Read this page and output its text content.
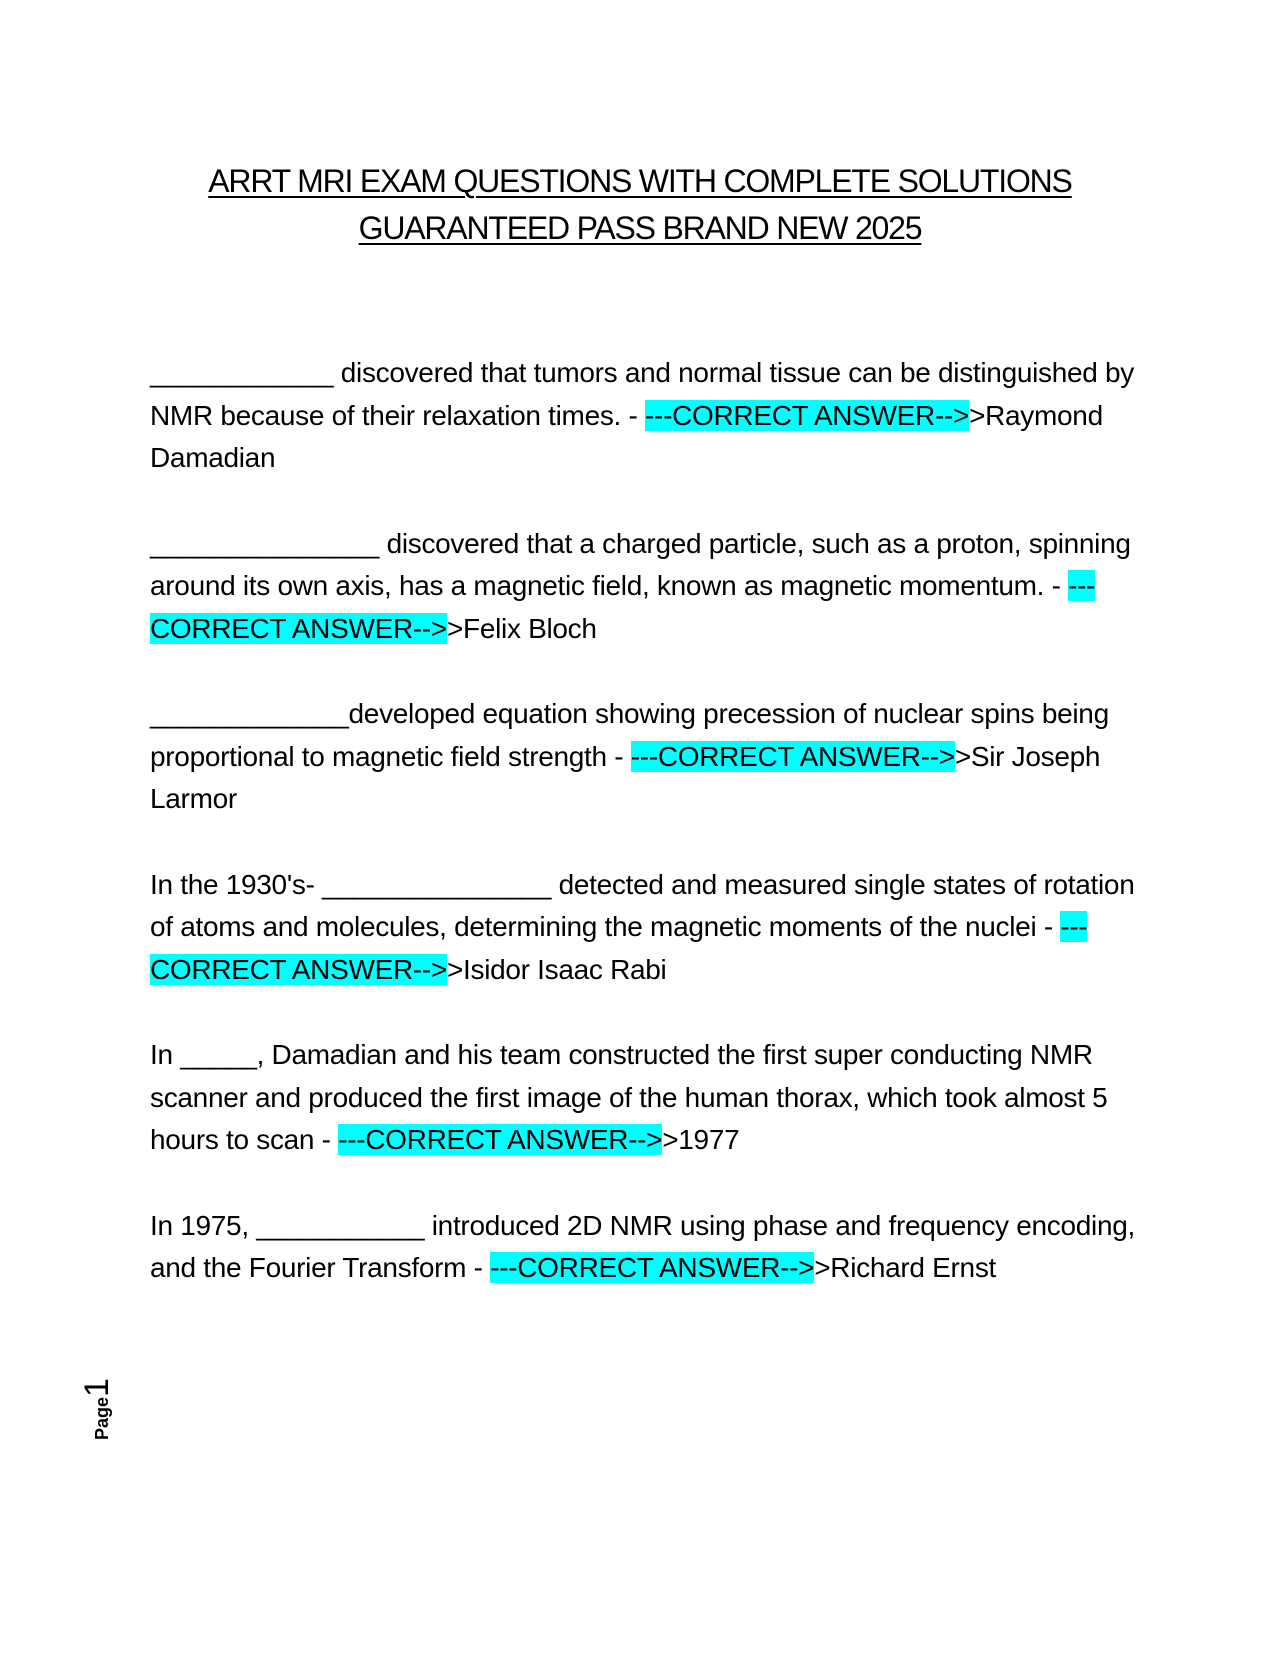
ARRT MRI EXAM QUESTIONS WITH COMPLETE SOLUTIONS
GUARANTEED PASS BRAND NEW 2025

____________ discovered that tumors and normal tissue can be distinguished by NMR because of their relaxation times. - ---CORRECT ANSWER-->>Raymond Damadian

_______________ discovered that a charged particle, such as a proton, spinning around its own axis, has a magnetic field, known as magnetic momentum. - ---CORRECT ANSWER-->>Felix Bloch

_____________developed equation showing precession of nuclear spins being proportional to magnetic field strength - ---CORRECT ANSWER-->>Sir Joseph Larmor

In the 1930's- _______________ detected and measured single states of rotation of atoms and molecules, determining the magnetic moments of the nuclei - ---CORRECT ANSWER-->>Isidor Isaac Rabi

In _____, Damadian and his team constructed the first super conducting NMR scanner and produced the first image of the human thorax, which took almost 5 hours to scan - ---CORRECT ANSWER-->>1977

In 1975, ___________ introduced 2D NMR using phase and frequency encoding, and the Fourier Transform - ---CORRECT ANSWER-->>Richard Ernst

Page1
